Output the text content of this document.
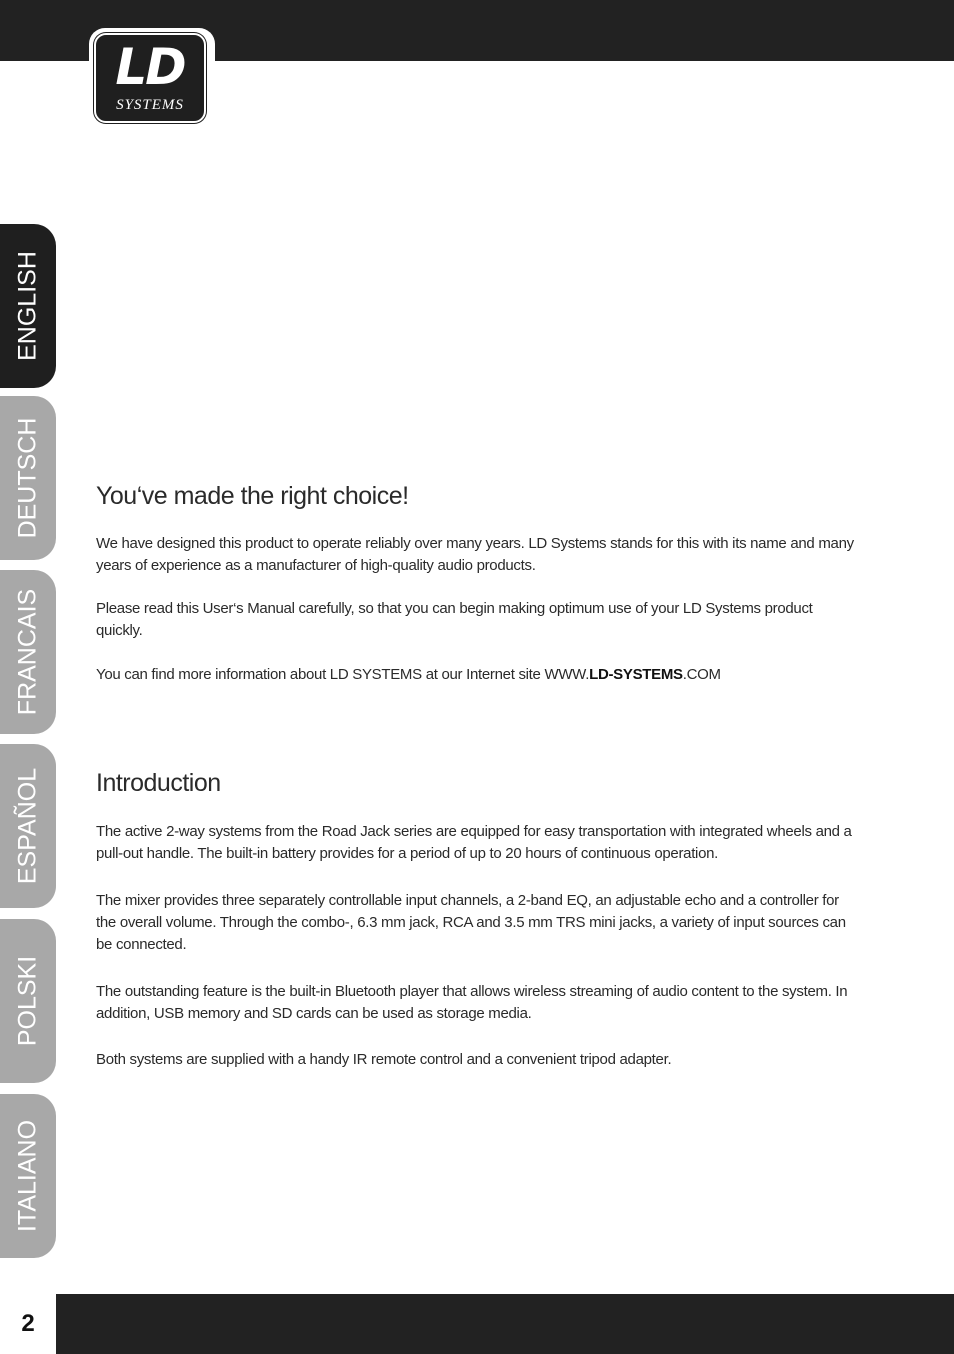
LD
SYSTEMS
ENGLISH
DEUTSCH
FRANCAIS
ESPAÑOL
POLSKI
ITALIANO
You‘ve made the right choice!

We have designed this product to operate reliably over many years. LD Systems stands for this with its name and many years of experience as a manufacturer of high-quality audio products.

Please read this User‘s Manual carefully, so that you can begin making optimum use of your LD Systems product quickly.

You can find more information about LD SYSTEMS at our Internet site WWW.LD-SYSTEMS.COM

Introduction

The active 2-way systems from the Road Jack series are equipped for easy transportation with integrated wheels and a pull-out handle. The built-in battery provides for a period of up to 20 hours of continuous operation.

The mixer provides three separately controllable input channels, a 2-band EQ, an adjustable echo and a controller for the overall volume. Through the combo-, 6.3 mm jack, RCA and 3.5 mm TRS mini jacks, a variety of input sources can be connected.

The outstanding feature is the built-in Bluetooth player that allows wireless streaming of audio content to the system. In addition, USB memory and SD cards can be used as storage media.

Both systems are supplied with a handy IR remote control and a convenient tripod adapter.

2
